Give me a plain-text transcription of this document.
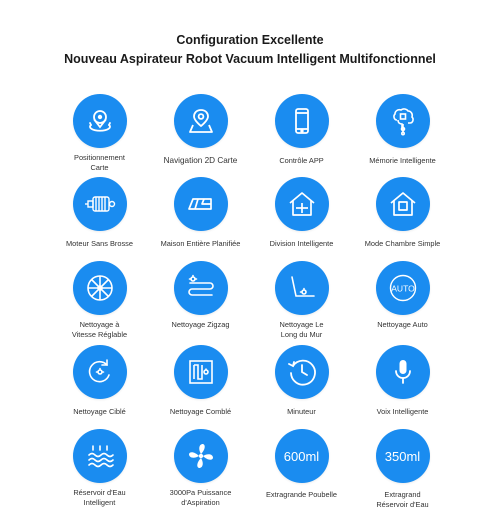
Configuration Excellente
Nouveau Aspirateur Robot Vacuum Intelligent Multifonctionnel
Positionnement
Carte
Navigation 2D Carte	Contrôle APP	Mémorie Intelligente
Moteur Sans Brosse	Maison Entière Planifiée	Division Intelligente	Mode Chambre Simple
Nettoyage à
Vitesse Réglable
Nettoyage Zigzag	Nettoyage Le
Long du Mur
AUTO
Nettoyage Auto
Nettoyage Ciblé	Nettoyage Comblé	Minuteur	Voix Intelligente
Réservoir d'Eau
Intelligent
3000Pa Puissance
d'Aspiration
600ml
Extragrande Poubelle
350ml
Extragrand
Réservoir d'Eau
